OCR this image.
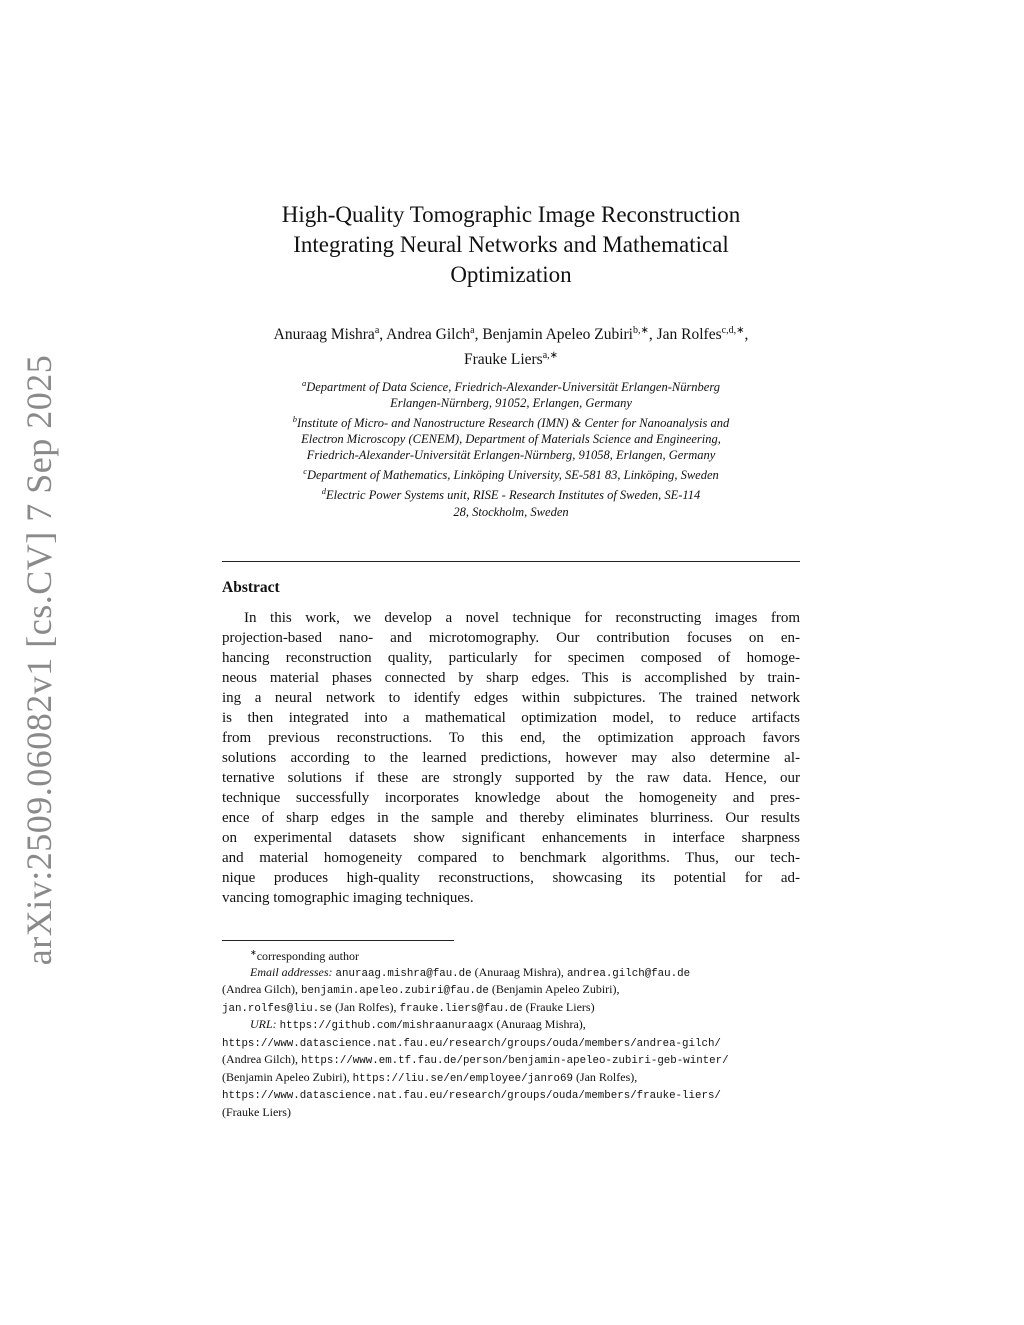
arXiv:2509.06082v1 [cs.CV] 7 Sep 2025
High-Quality Tomographic Image Reconstruction
Integrating Neural Networks and Mathematical
Optimization
Anuraag Mishra$^a$, Andrea Gilch$^a$, Benjamin Apeleo Zubiri$^{b,∗}$, Jan Rolfes$^{c,d,∗}$,
Frauke Liers$^{a,∗}$
$^a$Department of Data Science, Friedrich-Alexander-Universität Erlangen-Nürnberg
Erlangen-Nürnberg, 91052, Erlangen, Germany
$^b$Institute of Micro- and Nanostructure Research (IMN) & Center for Nanoanalysis and
Electron Microscopy (CENEM), Department of Materials Science and Engineering,
Friedrich-Alexander-Universität Erlangen-Nürnberg, 91058, Erlangen, Germany
$^c$Department of Mathematics, Linköping University, SE-581 83, Linköping, Sweden
$^d$Electric Power Systems unit, RISE - Research Institutes of Sweden, SE-114
28, Stockholm, Sweden
Abstract
In this work, we develop a novel technique for reconstructing images from
projection-based nano- and microtomography. Our contribution focuses on en-
hancing reconstruction quality, particularly for specimen composed of homoge-
neous material phases connected by sharp edges. This is accomplished by train-
ing a neural network to identify edges within subpictures. The trained network
is then integrated into a mathematical optimization model, to reduce artifacts
from previous reconstructions. To this end, the optimization approach favors
solutions according to the learned predictions, however may also determine al-
ternative solutions if these are strongly supported by the raw data. Hence, our
technique successfully incorporates knowledge about the homogeneity and pres-
ence of sharp edges in the sample and thereby eliminates blurriness. Our results
on experimental datasets show significant enhancements in interface sharpness
and material homogeneity compared to benchmark algorithms. Thus, our tech-
nique produces high-quality reconstructions, showcasing its potential for ad-
vancing tomographic imaging techniques.
∗corresponding author
Email addresses: anuraag.mishra@fau.de (Anuraag Mishra), andrea.gilch@fau.de
(Andrea Gilch), benjamin.apeleo.zubiri@fau.de (Benjamin Apeleo Zubiri),
jan.rolfes@liu.se (Jan Rolfes), frauke.liers@fau.de (Frauke Liers)
URL: https://github.com/mishraanuraagx (Anuraag Mishra),
https://www.datascience.nat.fau.eu/research/groups/ouda/members/andrea-gilch/
(Andrea Gilch), https://www.em.tf.fau.de/person/benjamin-apeleo-zubiri-geb-winter/
(Benjamin Apeleo Zubiri), https://liu.se/en/employee/janro69 (Jan Rolfes),
https://www.datascience.nat.fau.eu/research/groups/ouda/members/frauke-liers/
(Frauke Liers)
